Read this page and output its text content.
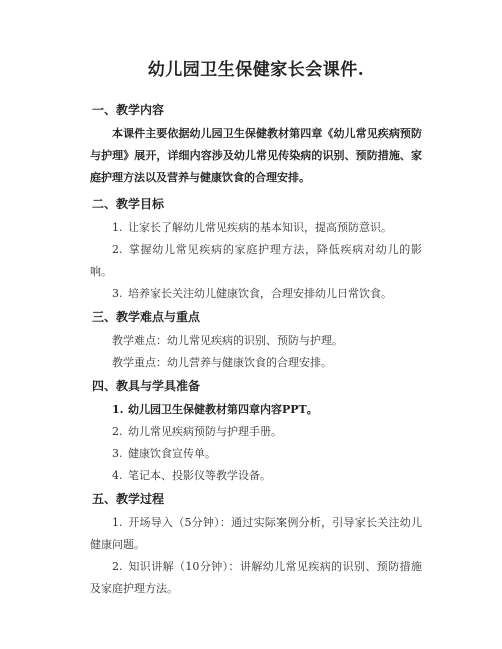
幼儿园卫生保健家长会课件.
一、教学内容

本课件主要依据幼儿园卫生保健教材第四章《幼儿常见疾病预防与护理》展开，详细内容涉及幼儿常见传染病的识别、预防措施、家庭护理方法以及营养与健康饮食的合理安排。

二、教学目标

1. 让家长了解幼儿常见疾病的基本知识，提高预防意识。

2. 掌握幼儿常见疾病的家庭护理方法，降低疾病对幼儿的影响。

3. 培养家长关注幼儿健康饮食，合理安排幼儿日常饮食。

三、教学难点与重点

教学难点：幼儿常见疾病的识别、预防与护理。

教学重点：幼儿营养与健康饮食的合理安排。

四、教具与学具准备

1. 幼儿园卫生保健教材第四章内容PPT。

2. 幼儿常见疾病预防与护理手册。

3. 健康饮食宣传单。

4. 笔记本、投影仪等教学设备。

五、教学过程

1. 开场导入（5分钟）：通过实际案例分析，引导家长关注幼儿健康问题。

2. 知识讲解（10分钟）：讲解幼儿常见疾病的识别、预防措施及家庭护理方法。
